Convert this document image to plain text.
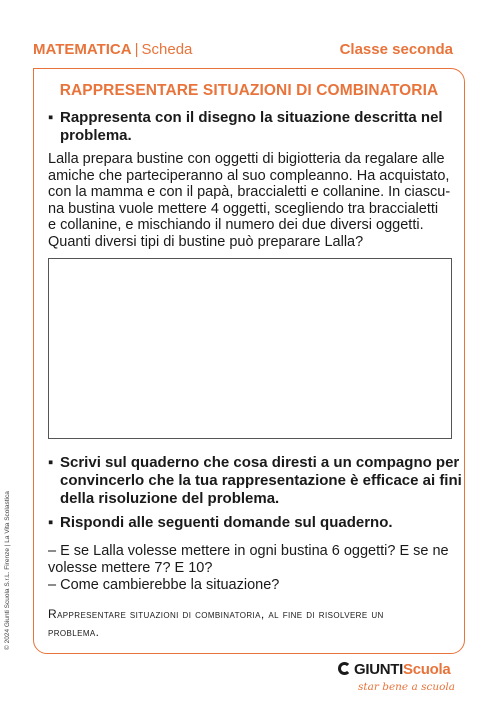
MATEMATICA | Scheda	Classe seconda
RAPPRESENTARE SITUAZIONI DI COMBINATORIA
▪ Rappresenta con il disegno la situazione descritta nel
problema.
Lalla prepara bustine con oggetti di bigiotteria da regalare alle
amiche che parteciperanno al suo compleanno. Ha acquistato,
con la mamma e con il papà, braccialetti e collanine. In ciascu-
na bustina vuole mettere 4 oggetti, scegliendo tra braccialetti
e collanine, e mischiando il numero dei due diversi oggetti.
Quanti diversi tipi di bustine può preparare Lalla?
▪ Scrivi sul quaderno che cosa diresti a un compagno per
convincerlo che la tua rappresentazione è efficace ai fini
della risoluzione del problema.
▪ Rispondi alle seguenti domande sul quaderno.
– E se Lalla volesse mettere in ogni bustina 6 oggetti? E se ne
volesse mettere 7? E 10?
– Come cambierebbe la situazione?
Rappresentare situazioni di combinatoria, al fine di risolvere un
problema.
© 2024 Giunti Scuola S.r.L. Firenze | La Vita Scolastica
GIUNTIScuola
star bene a scuola
